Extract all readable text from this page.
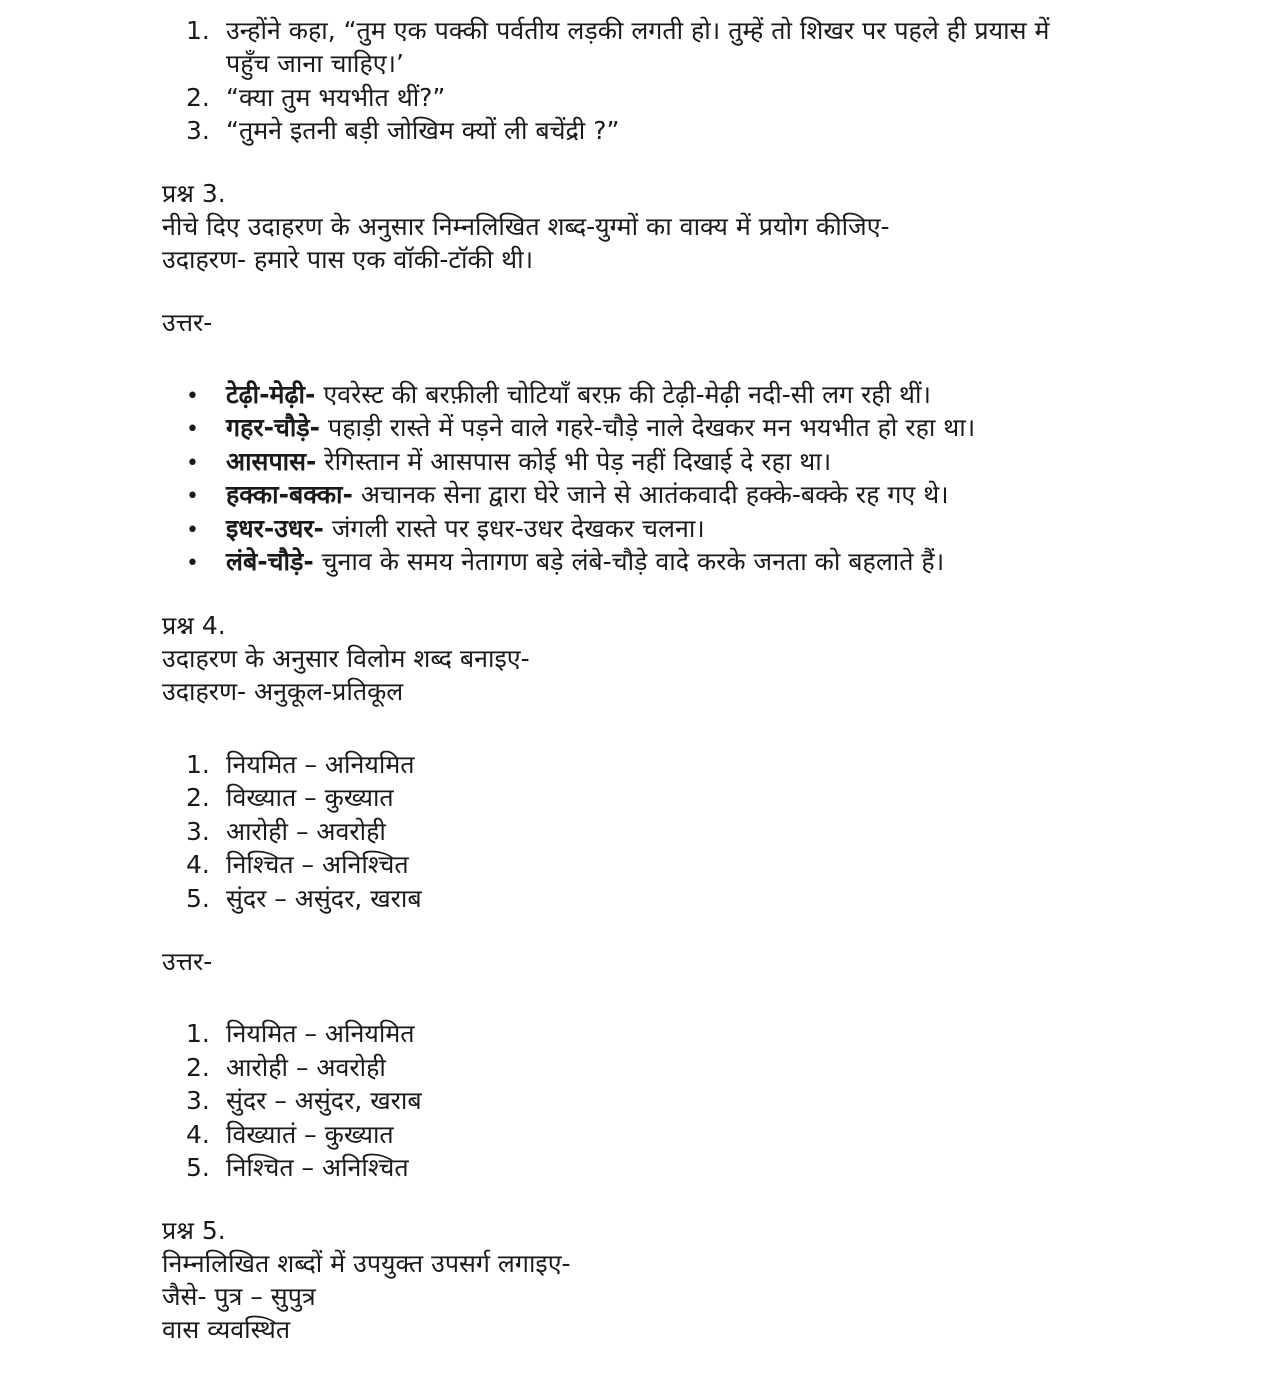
1. उन्होंने कहा, “तुम एक पक्की पर्वतीय लड़की लगती हो। तुम्हें तो शिखर पर पहले ही प्रयास में
पहुँच जाना चाहिए।’
2. “क्या तुम भयभीत थीं?”
3. “तुमने इतनी बड़ी जोखिम क्यों ली बचेंद्री ?”
प्रश्न 3.
नीचे दिए उदाहरण के अनुसार निम्नलिखित शब्द-युग्मों का वाक्य में प्रयोग कीजिए-
उदाहरण- हमारे पास एक वॉकी-टॉकी थी।
उत्तर-
• टेढ़ी-मेढ़ी- एवरेस्ट की बरफ़ीली चोटियाँ बरफ़ की टेढ़ी-मेढ़ी नदी-सी लग रही थीं।
• गहर-चौड़े- पहाड़ी रास्ते में पड़ने वाले गहरे-चौड़े नाले देखकर मन भयभीत हो रहा था।
• आसपास- रेगिस्तान में आसपास कोई भी पेड़ नहीं दिखाई दे रहा था।
• हक्का-बक्का- अचानक सेना द्वारा घेरे जाने से आतंकवादी हक्के-बक्के रह गए थे।
• इधर-उधर- जंगली रास्ते पर इधर-उधर देखकर चलना।
• लंबे-चौड़े- चुनाव के समय नेतागण बड़े लंबे-चौड़े वादे करके जनता को बहलाते हैं।
प्रश्न 4.
उदाहरण के अनुसार विलोम शब्द बनाइए-
उदाहरण- अनुकूल-प्रतिकूल
1. नियमित – अनियमित
2. विख्यात – कुख्यात
3. आरोही – अवरोही
4. निश्चित – अनिश्चित
5. सुंदर – असुंदर, खराब
उत्तर-
1. नियमित – अनियमित
2. आरोही – अवरोही
3. सुंदर – असुंदर, खराब
4. विख्यातं – कुख्यात
5. निश्चित – अनिश्चित
प्रश्न 5.
निम्नलिखित शब्दों में उपयुक्त उपसर्ग लगाइए-
जैसे- पुत्र – सुपुत्र
वास व्यवस्थित
